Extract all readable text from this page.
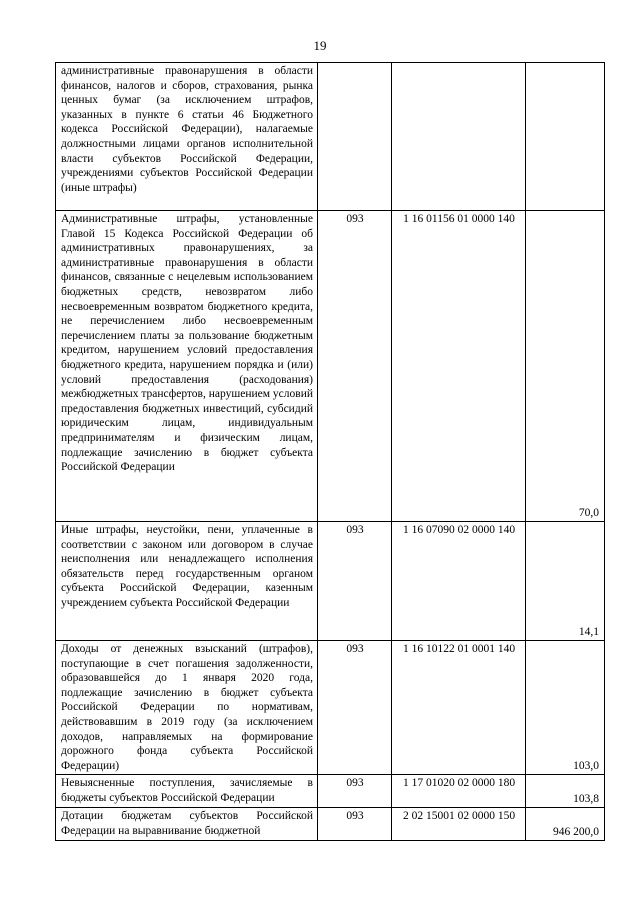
19
административные правонарушения в области финансов, налогов и сборов, страхования, рынка ценных бумаг (за исключением штрафов, указанных в пункте 6 статьи 46 Бюджетного кодекса Российской Федерации), налагаемые должностными лицами органов исполнительной власти субъектов Российской Федерации, учреждениями субъектов Российской Федерации (иные штрафы)			
Административные штрафы, установленные Главой 15 Кодекса Российской Федерации об административных правонарушениях, за административные правонарушения в области финансов, связанные с нецелевым использованием бюджетных средств, невозвратом либо несвоевременным возвратом бюджетного кредита, не перечислением либо несвоевременным перечислением платы за пользование бюджетным кредитом, нарушением условий предоставления бюджетного кредита, нарушением порядка и (или) условий предоставления (расходования) межбюджетных трансфертов, нарушением условий предоставления бюджетных инвестиций, субсидий юридическим лицам, индивидуальным предпринимателям и физическим лицам, подлежащие зачислению в бюджет субъекта Российской Федерации	093	1 16 01156 01 0000 140	70,0
Иные штрафы, неустойки, пени, уплаченные в соответствии с законом или договором в случае неисполнения или ненадлежащего исполнения обязательств перед государственным органом субъекта Российской Федерации, казенным учреждением субъекта Российской Федерации	093	1 16 07090 02 0000 140	14,1
Доходы от денежных взысканий (штрафов), поступающие в счет погашения задолженности, образовавшейся до 1 января 2020 года, подлежащие зачислению в бюджет субъекта Российской Федерации по нормативам, действовавшим в 2019 году (за исключением доходов, направляемых на формирование дорожного фонда субъекта Российской Федерации)	093	1 16 10122 01 0001 140	103,0
Невыясненные поступления, зачисляемые в бюджеты субъектов Российской Федерации	093	1 17 01020 02 0000 180	103,8
Дотации бюджетам субъектов Российской Федерации на выравнивание бюджетной	093	2 02 15001 02 0000 150	946 200,0
